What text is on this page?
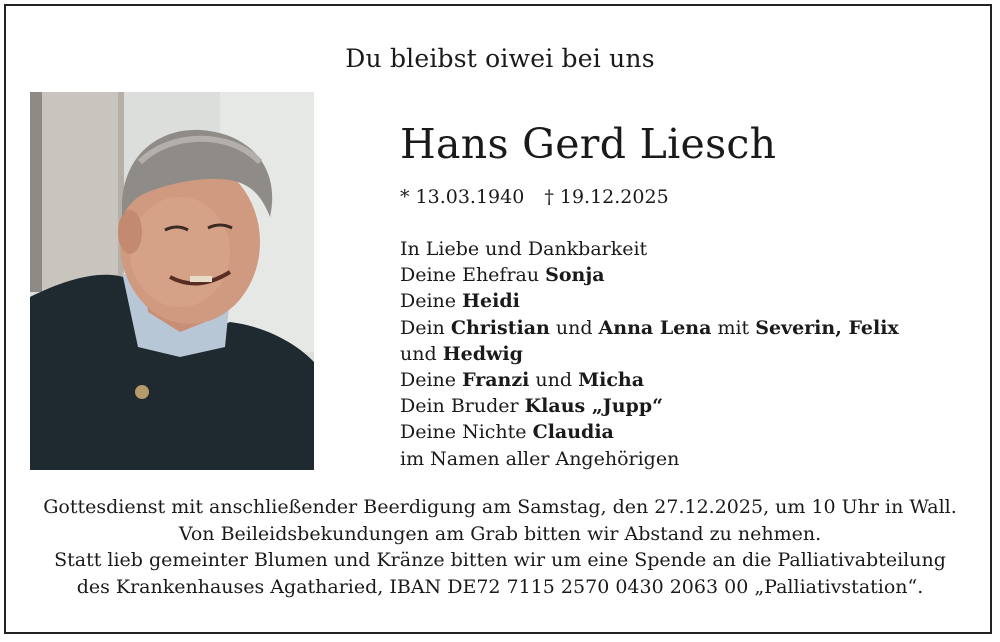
Du bleibst oiwei bei uns
Hans Gerd Liesch
* 13.03.1940 † 19.12.2025
In Liebe und Dankbarkeit
Deine Ehefrau Sonja
Deine Heidi
Dein Christian und Anna Lena mit Severin, Felix
und Hedwig
Deine Franzi und Micha
Dein Bruder Klaus „Jupp“
Deine Nichte Claudia
im Namen aller Angehörigen
Gottesdienst mit anschließender Beerdigung am Samstag, den 27.12.2025, um 10 Uhr in Wall.
Von Beileidsbekundungen am Grab bitten wir Abstand zu nehmen.
Statt lieb gemeinter Blumen und Kränze bitten wir um eine Spende an die Palliativabteilung
des Krankenhauses Agatharied, IBAN DE72 7115 2570 0430 2063 00 „Palliativstation“.
